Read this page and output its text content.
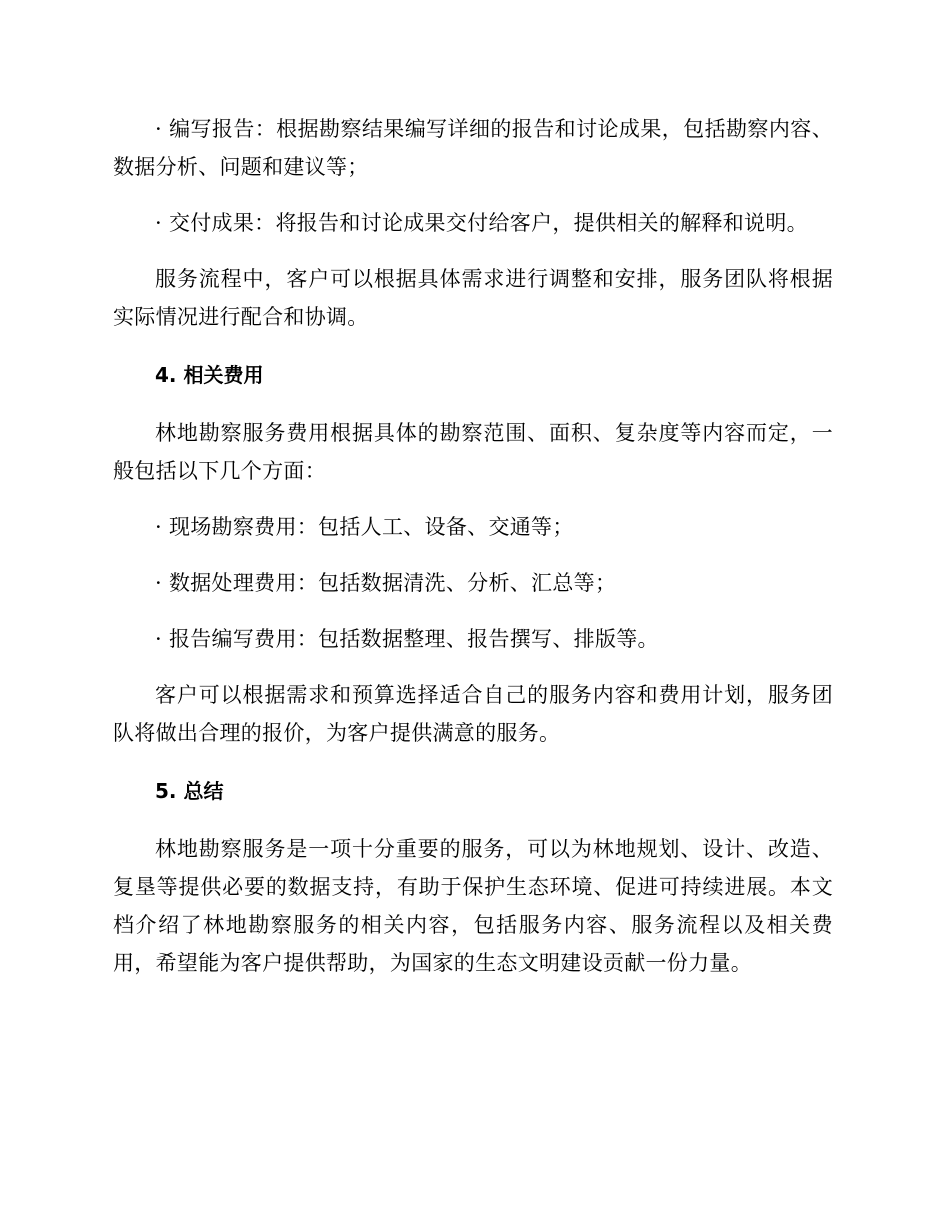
· 编写报告：根据勘察结果编写详细的报告和讨论成果，包括勘察内容、数据分析、问题和建议等；

· 交付成果：将报告和讨论成果交付给客户，提供相关的解释和说明。

服务流程中，客户可以根据具体需求进行调整和安排，服务团队将根据实际情况进行配合和协调。

4. 相关费用

林地勘察服务费用根据具体的勘察范围、面积、复杂度等内容而定，一般包括以下几个方面：

· 现场勘察费用：包括人工、设备、交通等；

· 数据处理费用：包括数据清洗、分析、汇总等；

· 报告编写费用：包括数据整理、报告撰写、排版等。

客户可以根据需求和预算选择适合自己的服务内容和费用计划，服务团队将做出合理的报价，为客户提供满意的服务。

5. 总结

林地勘察服务是一项十分重要的服务，可以为林地规划、设计、改造、复垦等提供必要的数据支持，有助于保护生态环境、促进可持续进展。本文档介绍了林地勘察服务的相关内容，包括服务内容、服务流程以及相关费用，希望能为客户提供帮助，为国家的生态文明建设贡献一份力量。
